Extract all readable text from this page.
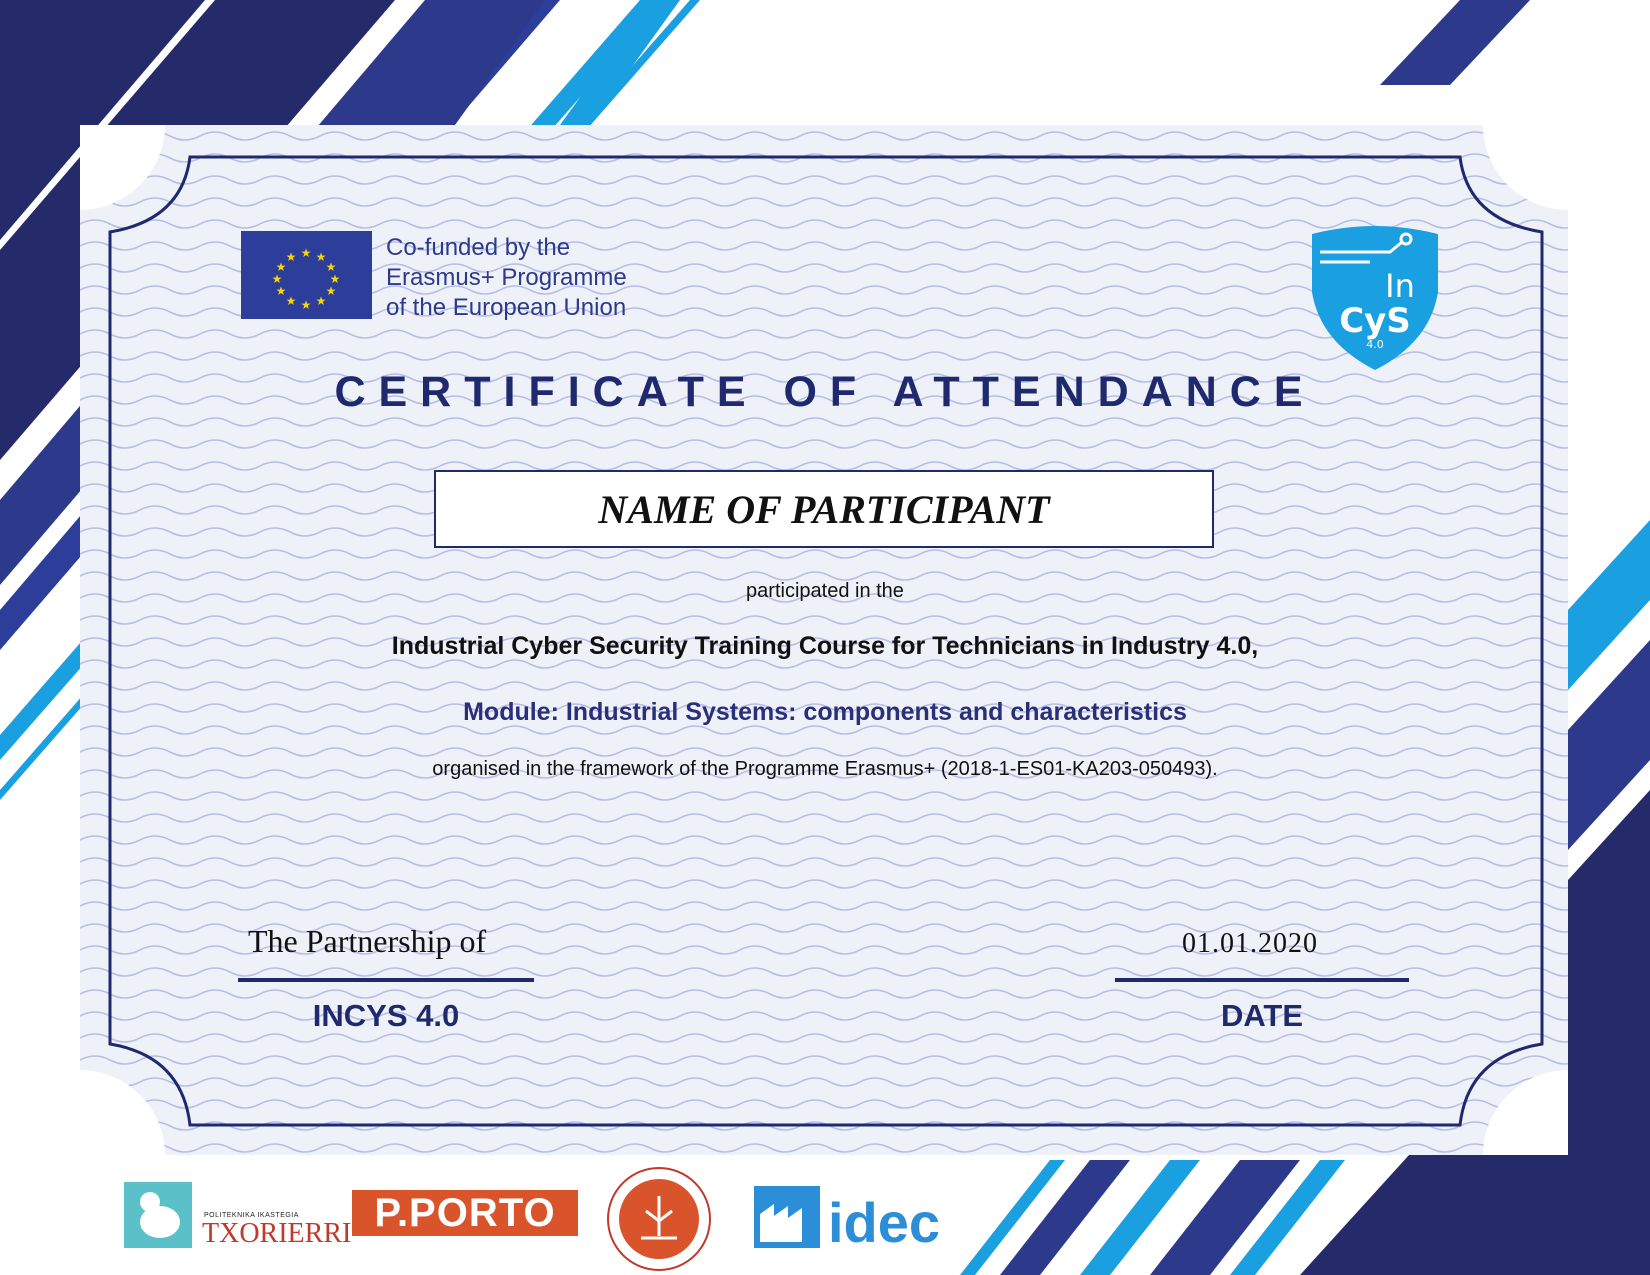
★ ★
★
★
★
★
★
★
★
★
★
★	Co-funded by the
Erasmus+ Programme
of the European Union
In
CyS
4.0
CERTIFICATE OF ATTENDANCE
NAME OF PARTICIPANT
participated in the
Industrial Cyber Security Training Course for Technicians in Industry 4.0,
Module: Industrial Systems: components and characteristics
organised in the framework of the Programme Erasmus+ (2018-1-ES01-KA203-050493).
The Partnership of	01.01.2020
INCYS 4.0	DATE
POLITEKNIKA IKASTEGIA
TXORIERRI P.PORTO	idec
